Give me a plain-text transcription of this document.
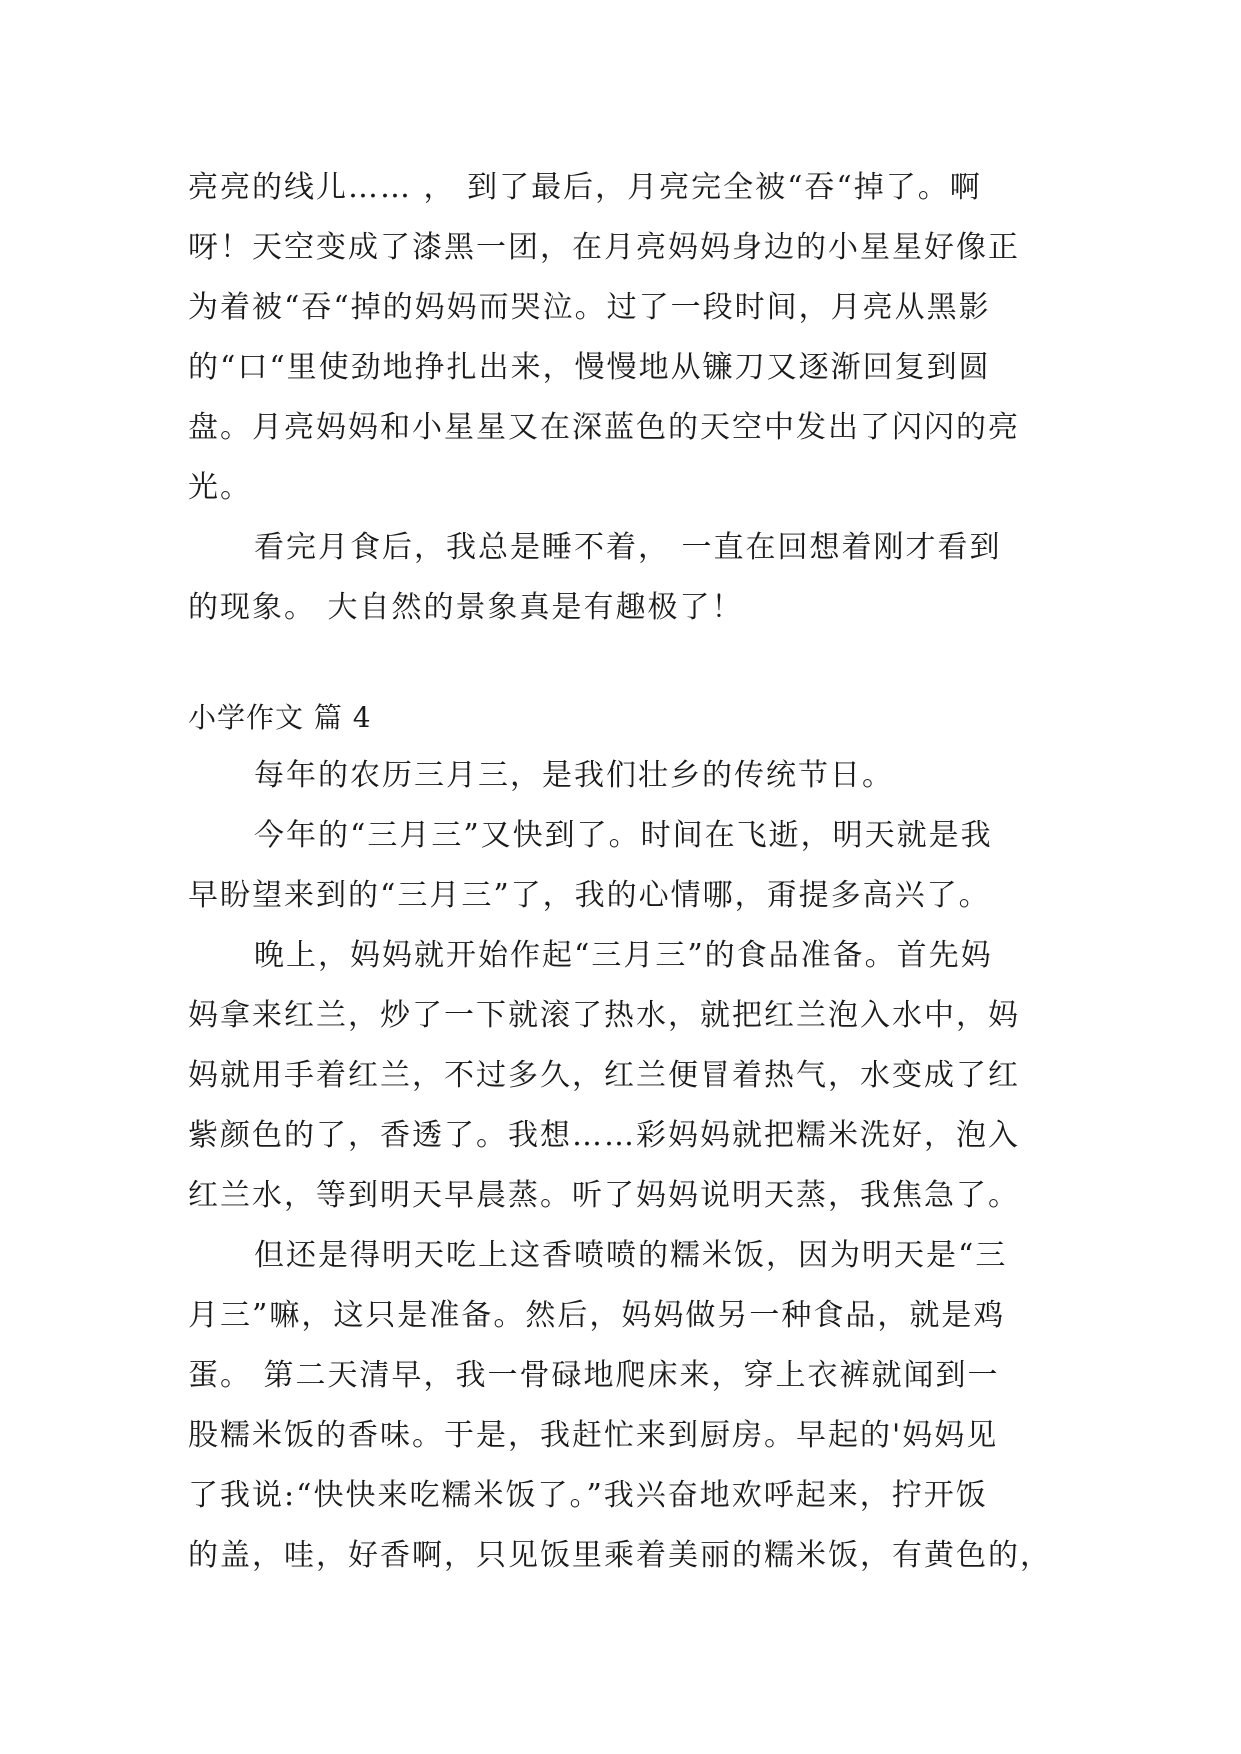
亮亮的线儿…… ， 到了最后，月亮完全被“吞“掉了。啊
呀！天空变成了漆黑一团，在月亮妈妈身边的小星星好像正
为着被“吞“掉的妈妈而哭泣。过了一段时间，月亮从黑影
的“口“里使劲地挣扎出来，慢慢地从镰刀又逐渐回复到圆
盘。月亮妈妈和小星星又在深蓝色的天空中发出了闪闪的亮
光。
看完月食后，我总是睡不着， 一直在回想着刚才看到
的现象。 大自然的景象真是有趣极了！
小学作文 篇 4
每年的农历三月三，是我们壮乡的传统节日。
今年的“三月三”又快到了。时间在飞逝，明天就是我
早盼望来到的“三月三”了，我的心情哪，甭提多高兴了。
晚上，妈妈就开始作起“三月三”的食品准备。首先妈
妈拿来红兰，炒了一下就滚了热水，就把红兰泡入水中，妈
妈就用手着红兰，不过多久，红兰便冒着热气，水变成了红
紫颜色的了，香透了。我想……彩妈妈就把糯米洗好，泡入
红兰水，等到明天早晨蒸。听了妈妈说明天蒸，我焦急了。
但还是得明天吃上这香喷喷的糯米饭，因为明天是“三
月三”嘛，这只是准备。然后，妈妈做另一种食品，就是鸡
蛋。 第二天清早，我一骨碌地爬床来，穿上衣裤就闻到一
股糯米饭的香味。于是，我赶忙来到厨房。早起的'妈妈见
了我说:“快快来吃糯米饭了。”我兴奋地欢呼起来，拧开饭
的盖，哇，好香啊，只见饭里乘着美丽的糯米饭，有黄色的，
